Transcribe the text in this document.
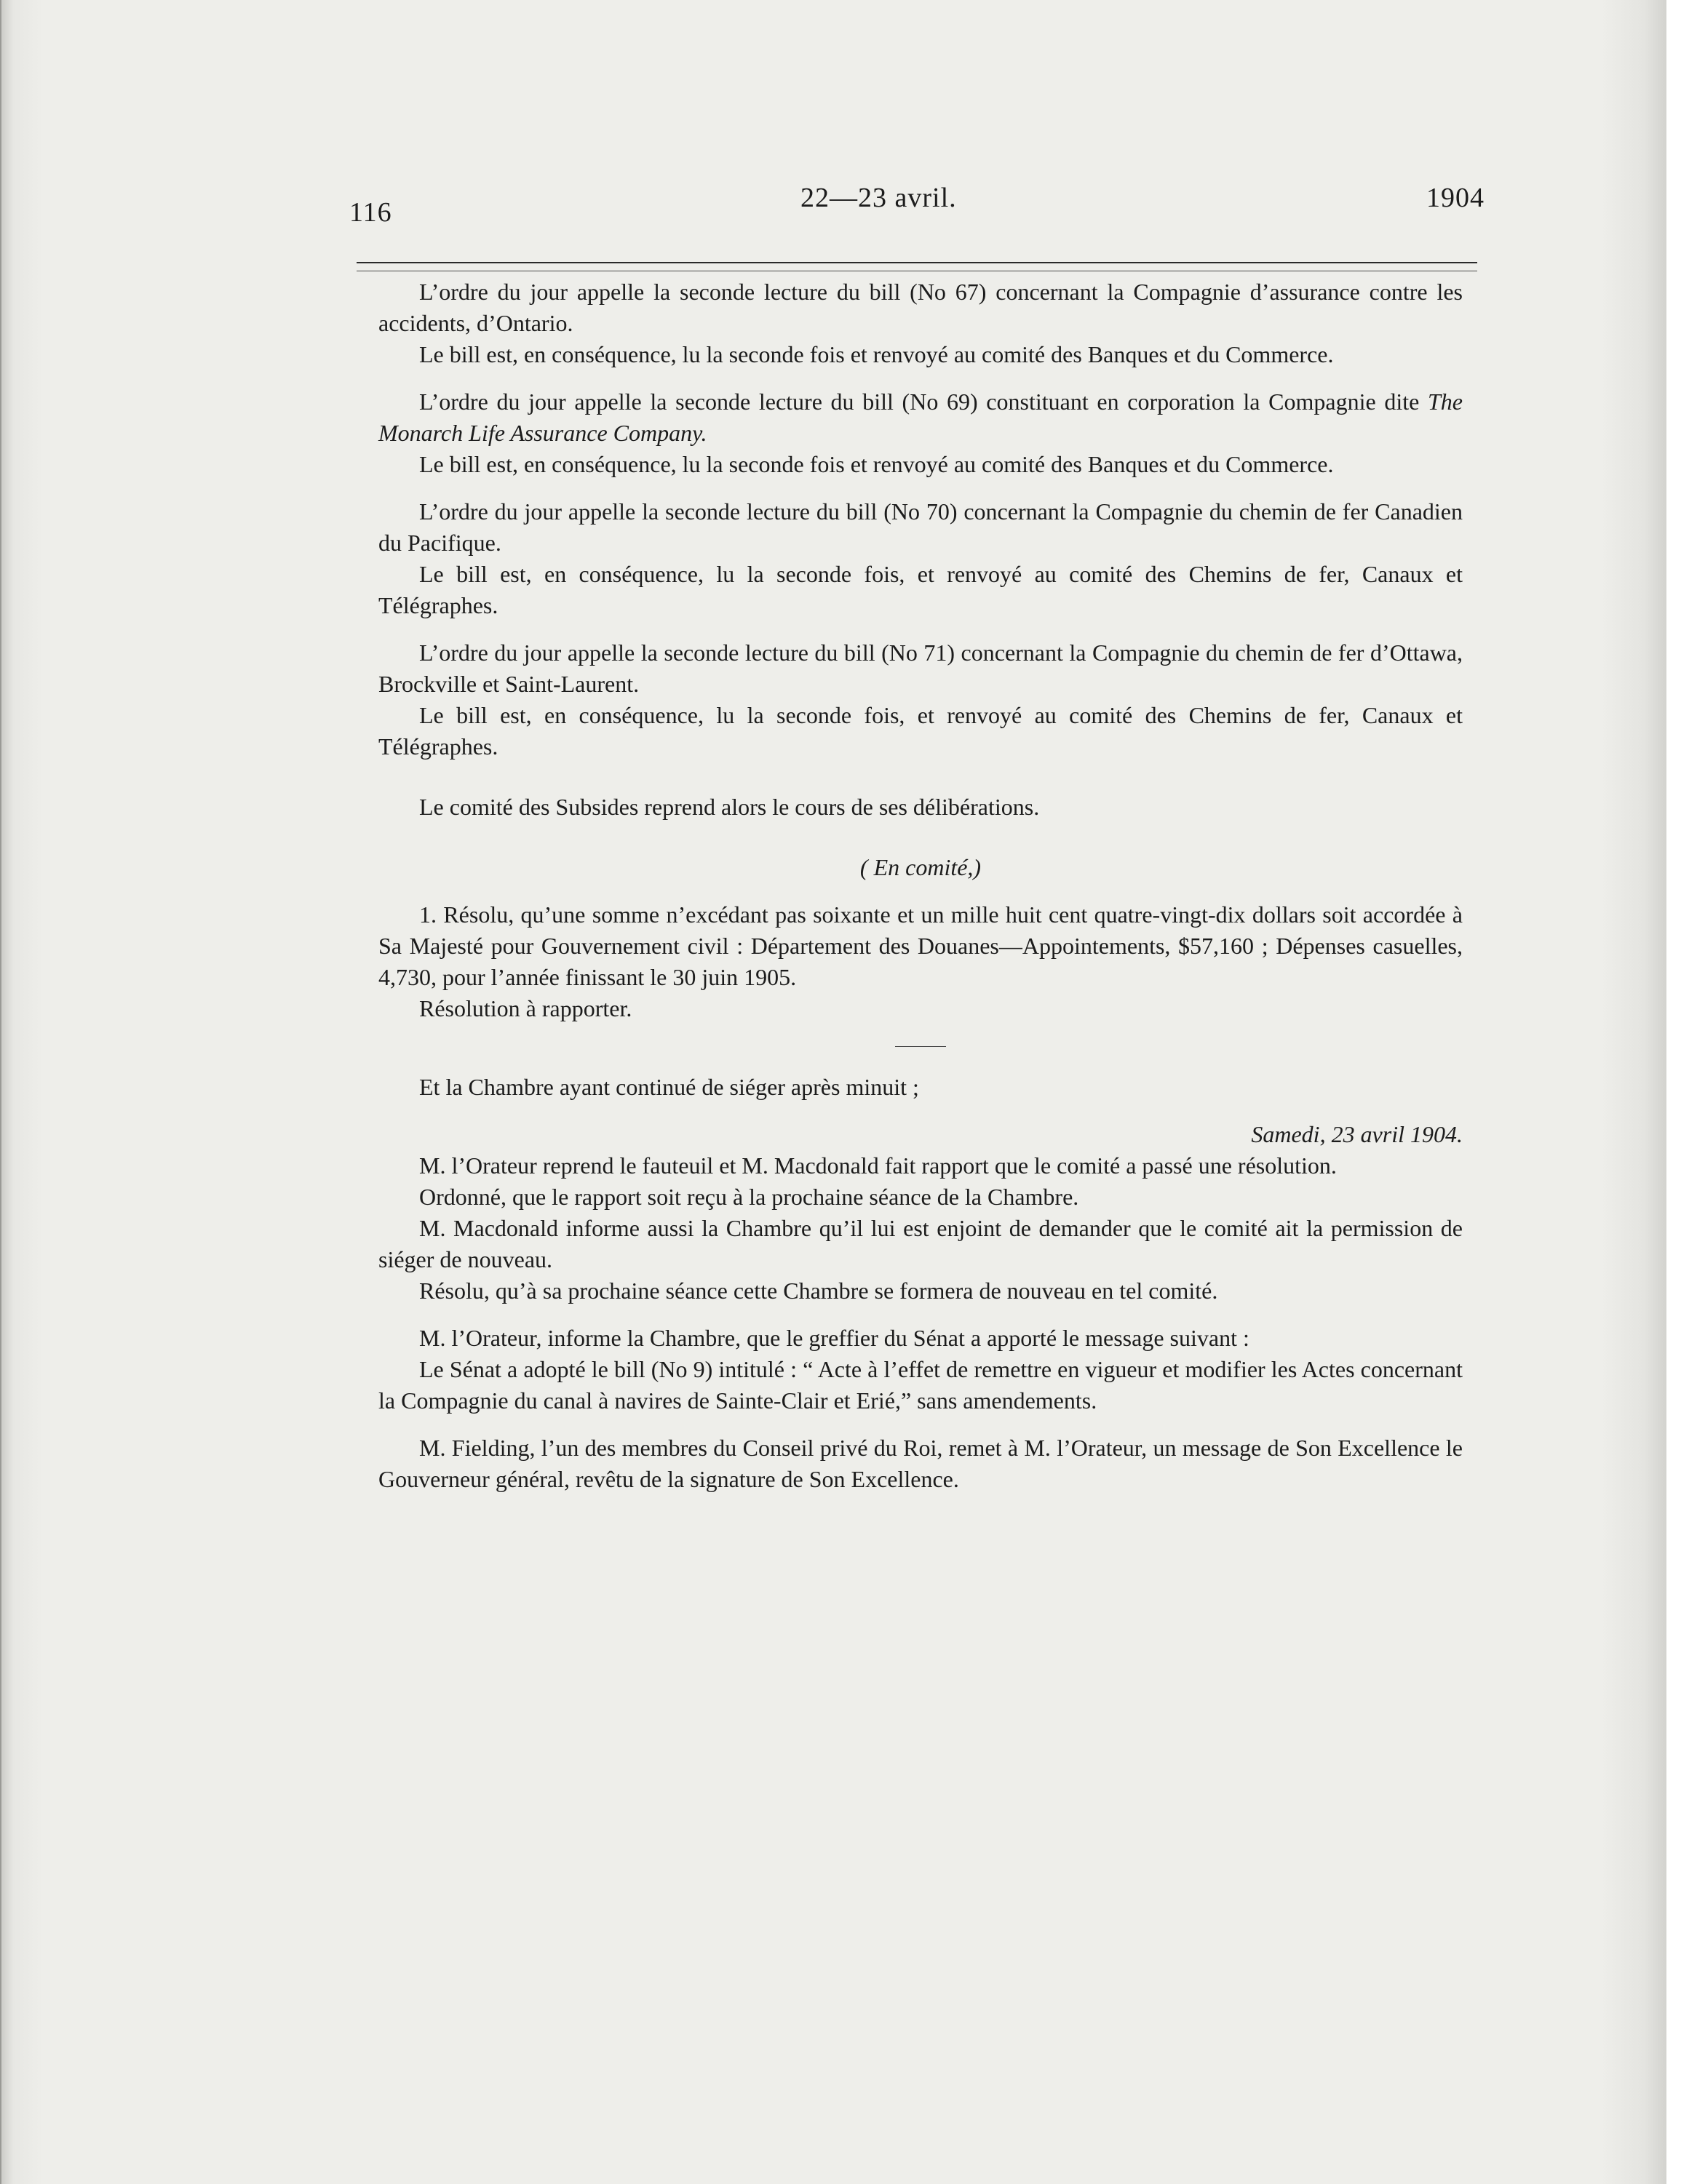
116	22—23 avril.	1904

L’ordre du jour appelle la seconde lecture du bill (No 67) concernant la Compagnie d’assurance contre les accidents, d’Ontario.

Le bill est, en conséquence, lu la seconde fois et renvoyé au comité des Banques et du Commerce.

L’ordre du jour appelle la seconde lecture du bill (No 69) constituant en corporation la Compagnie dite The Monarch Life Assurance Company.

Le bill est, en conséquence, lu la seconde fois et renvoyé au comité des Banques et du Commerce.

L’ordre du jour appelle la seconde lecture du bill (No 70) concernant la Compagnie du chemin de fer Canadien du Pacifique.

Le bill est, en conséquence, lu la seconde fois, et renvoyé au comité des Chemins de fer, Canaux et Télégraphes.

L’ordre du jour appelle la seconde lecture du bill (No 71) concernant la Compagnie du chemin de fer d’Ottawa, Brockville et Saint-Laurent.

Le bill est, en conséquence, lu la seconde fois, et renvoyé au comité des Chemins de fer, Canaux et Télégraphes.

Le comité des Subsides reprend alors le cours de ses délibérations.

( En comité,)

1. Résolu, qu’une somme n’excédant pas soixante et un mille huit cent quatre-vingt-dix dollars soit accordée à Sa Majesté pour Gouvernement civil : Département des Douanes—Appointements, $57,160 ; Dépenses casuelles, 4,730, pour l’année finissant le 30 juin 1905.

Résolution à rapporter.

Et la Chambre ayant continué de siéger après minuit ;

Samedi, 23 avril 1904.

M. l’Orateur reprend le fauteuil et M. Macdonald fait rapport que le comité a passé une résolution.

Ordonné, que le rapport soit reçu à la prochaine séance de la Chambre.

M. Macdonald informe aussi la Chambre qu’il lui est enjoint de demander que le comité ait la permission de siéger de nouveau.

Résolu, qu’à sa prochaine séance cette Chambre se formera de nouveau en tel comité.

M. l’Orateur, informe la Chambre, que le greffier du Sénat a apporté le message suivant :

Le Sénat a adopté le bill (No 9) intitulé : “ Acte à l’effet de remettre en vigueur et modifier les Actes concernant la Compagnie du canal à navires de Sainte-Clair et Erié,” sans amendements.

M. Fielding, l’un des membres du Conseil privé du Roi, remet à M. l’Orateur, un message de Son Excellence le Gouverneur général, revêtu de la signature de Son Excellence.
